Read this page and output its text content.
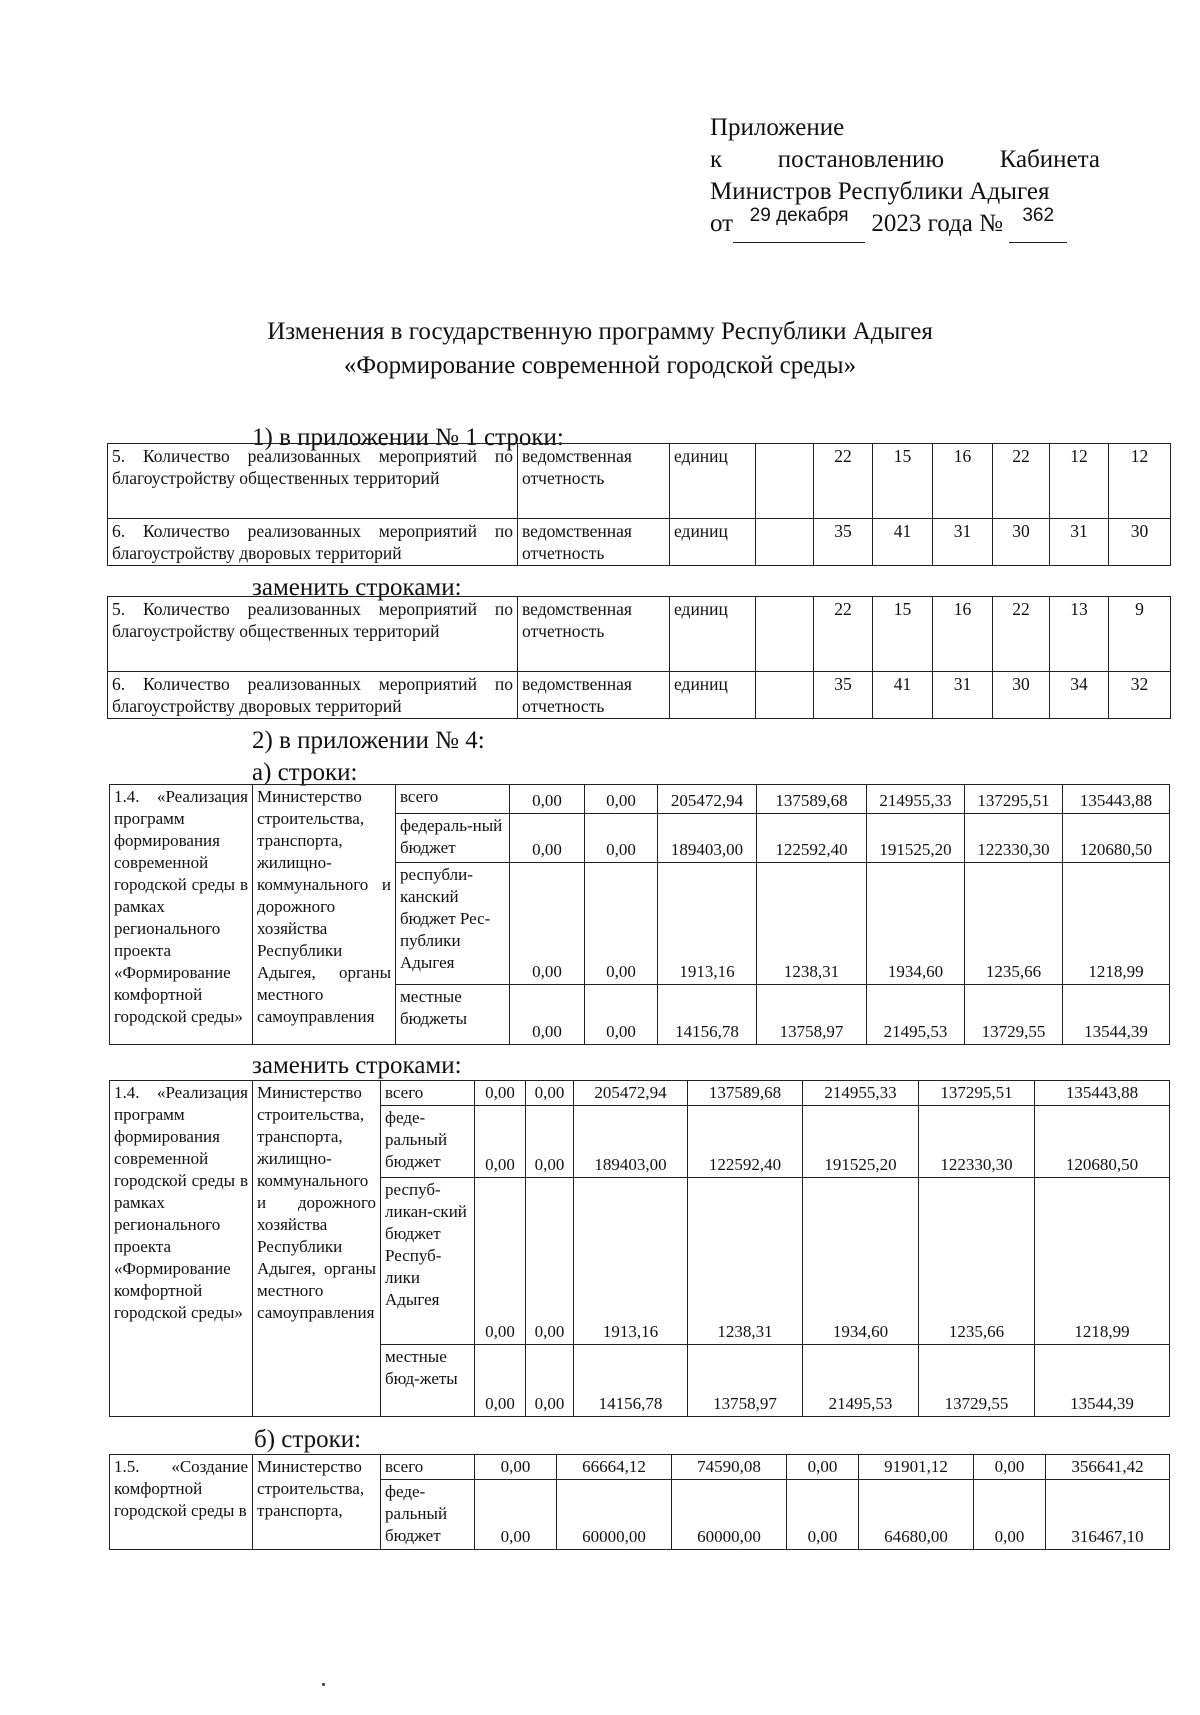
Приложение
к постановлению Кабинета
Министров Республики Адыгея
от $^{29 декабря}$ 2023 года № $^{362}$
Изменения в государственную программу Республики Адыгея
«Формирование современной городской среды»
1) в приложении № 1 строки:
5. Количество реализованных мероприятий по благоустройству общественных территорий	ведомственная отчетность	единиц		22	15	16	22	12	12
6. Количество реализованных мероприятий по благоустройству дворовых территорий	ведомственная отчетность	единиц		35	41	31	30	31	30
заменить строками:
5. Количество реализованных мероприятий по благоустройству общественных территорий	ведомственная отчетность	единиц		22	15	16	22	13	9
6. Количество реализованных мероприятий по благоустройству дворовых территорий	ведомственная отчетность	единиц		35	41	31	30	34	32
2) в приложении № 4:
а) строки:
1.4. «Реализация программ формирования современной городской среды в рамках регионального проекта «Формирование комфортной городской среды»	Министерство строительства, транспорта, жилищно-коммунального и дорожного хозяйства Республики Адыгея, органы местного самоуправления	всего	0,00	0,00	205472,94	137589,68	214955,33	137295,51	135443,88
		федераль-ный бюджет	0,00	0,00	189403,00	122592,40	191525,20	122330,30	120680,50
		республи-канский бюджет Рес-публики Адыгея	0,00	0,00	1913,16	1238,31	1934,60	1235,66	1218,99
		местные бюджеты	0,00	0,00	14156,78	13758,97	21495,53	13729,55	13544,39
заменить строками:
1.4. «Реализация программ формирования современной городской среды в рамках регионального проекта «Формирование комфортной городской среды»	Министерство строительства, транспорта, жилищно-коммунального и дорожного хозяйства Республики Адыгея, органы местного самоуправления	всего	0,00	0,00	205472,94	137589,68	214955,33	137295,51	135443,88
		феде-ральный бюджет	0,00	0,00	189403,00	122592,40	191525,20	122330,30	120680,50
		респуб-ликан-ский бюджет Респуб-лики Адыгея	0,00	0,00	1913,16	1238,31	1934,60	1235,66	1218,99
		местные бюд-жеты	0,00	0,00	14156,78	13758,97	21495,53	13729,55	13544,39
б) строки:
1.5. «Создание комфортной городской среды в	Министерство строительства, транспорта,	всего	0,00	66664,12	74590,08	0,00	91901,12	0,00	356641,42
		феде-ральный бюджет	0,00	60000,00	60000,00	0,00	64680,00	0,00	316467,10
